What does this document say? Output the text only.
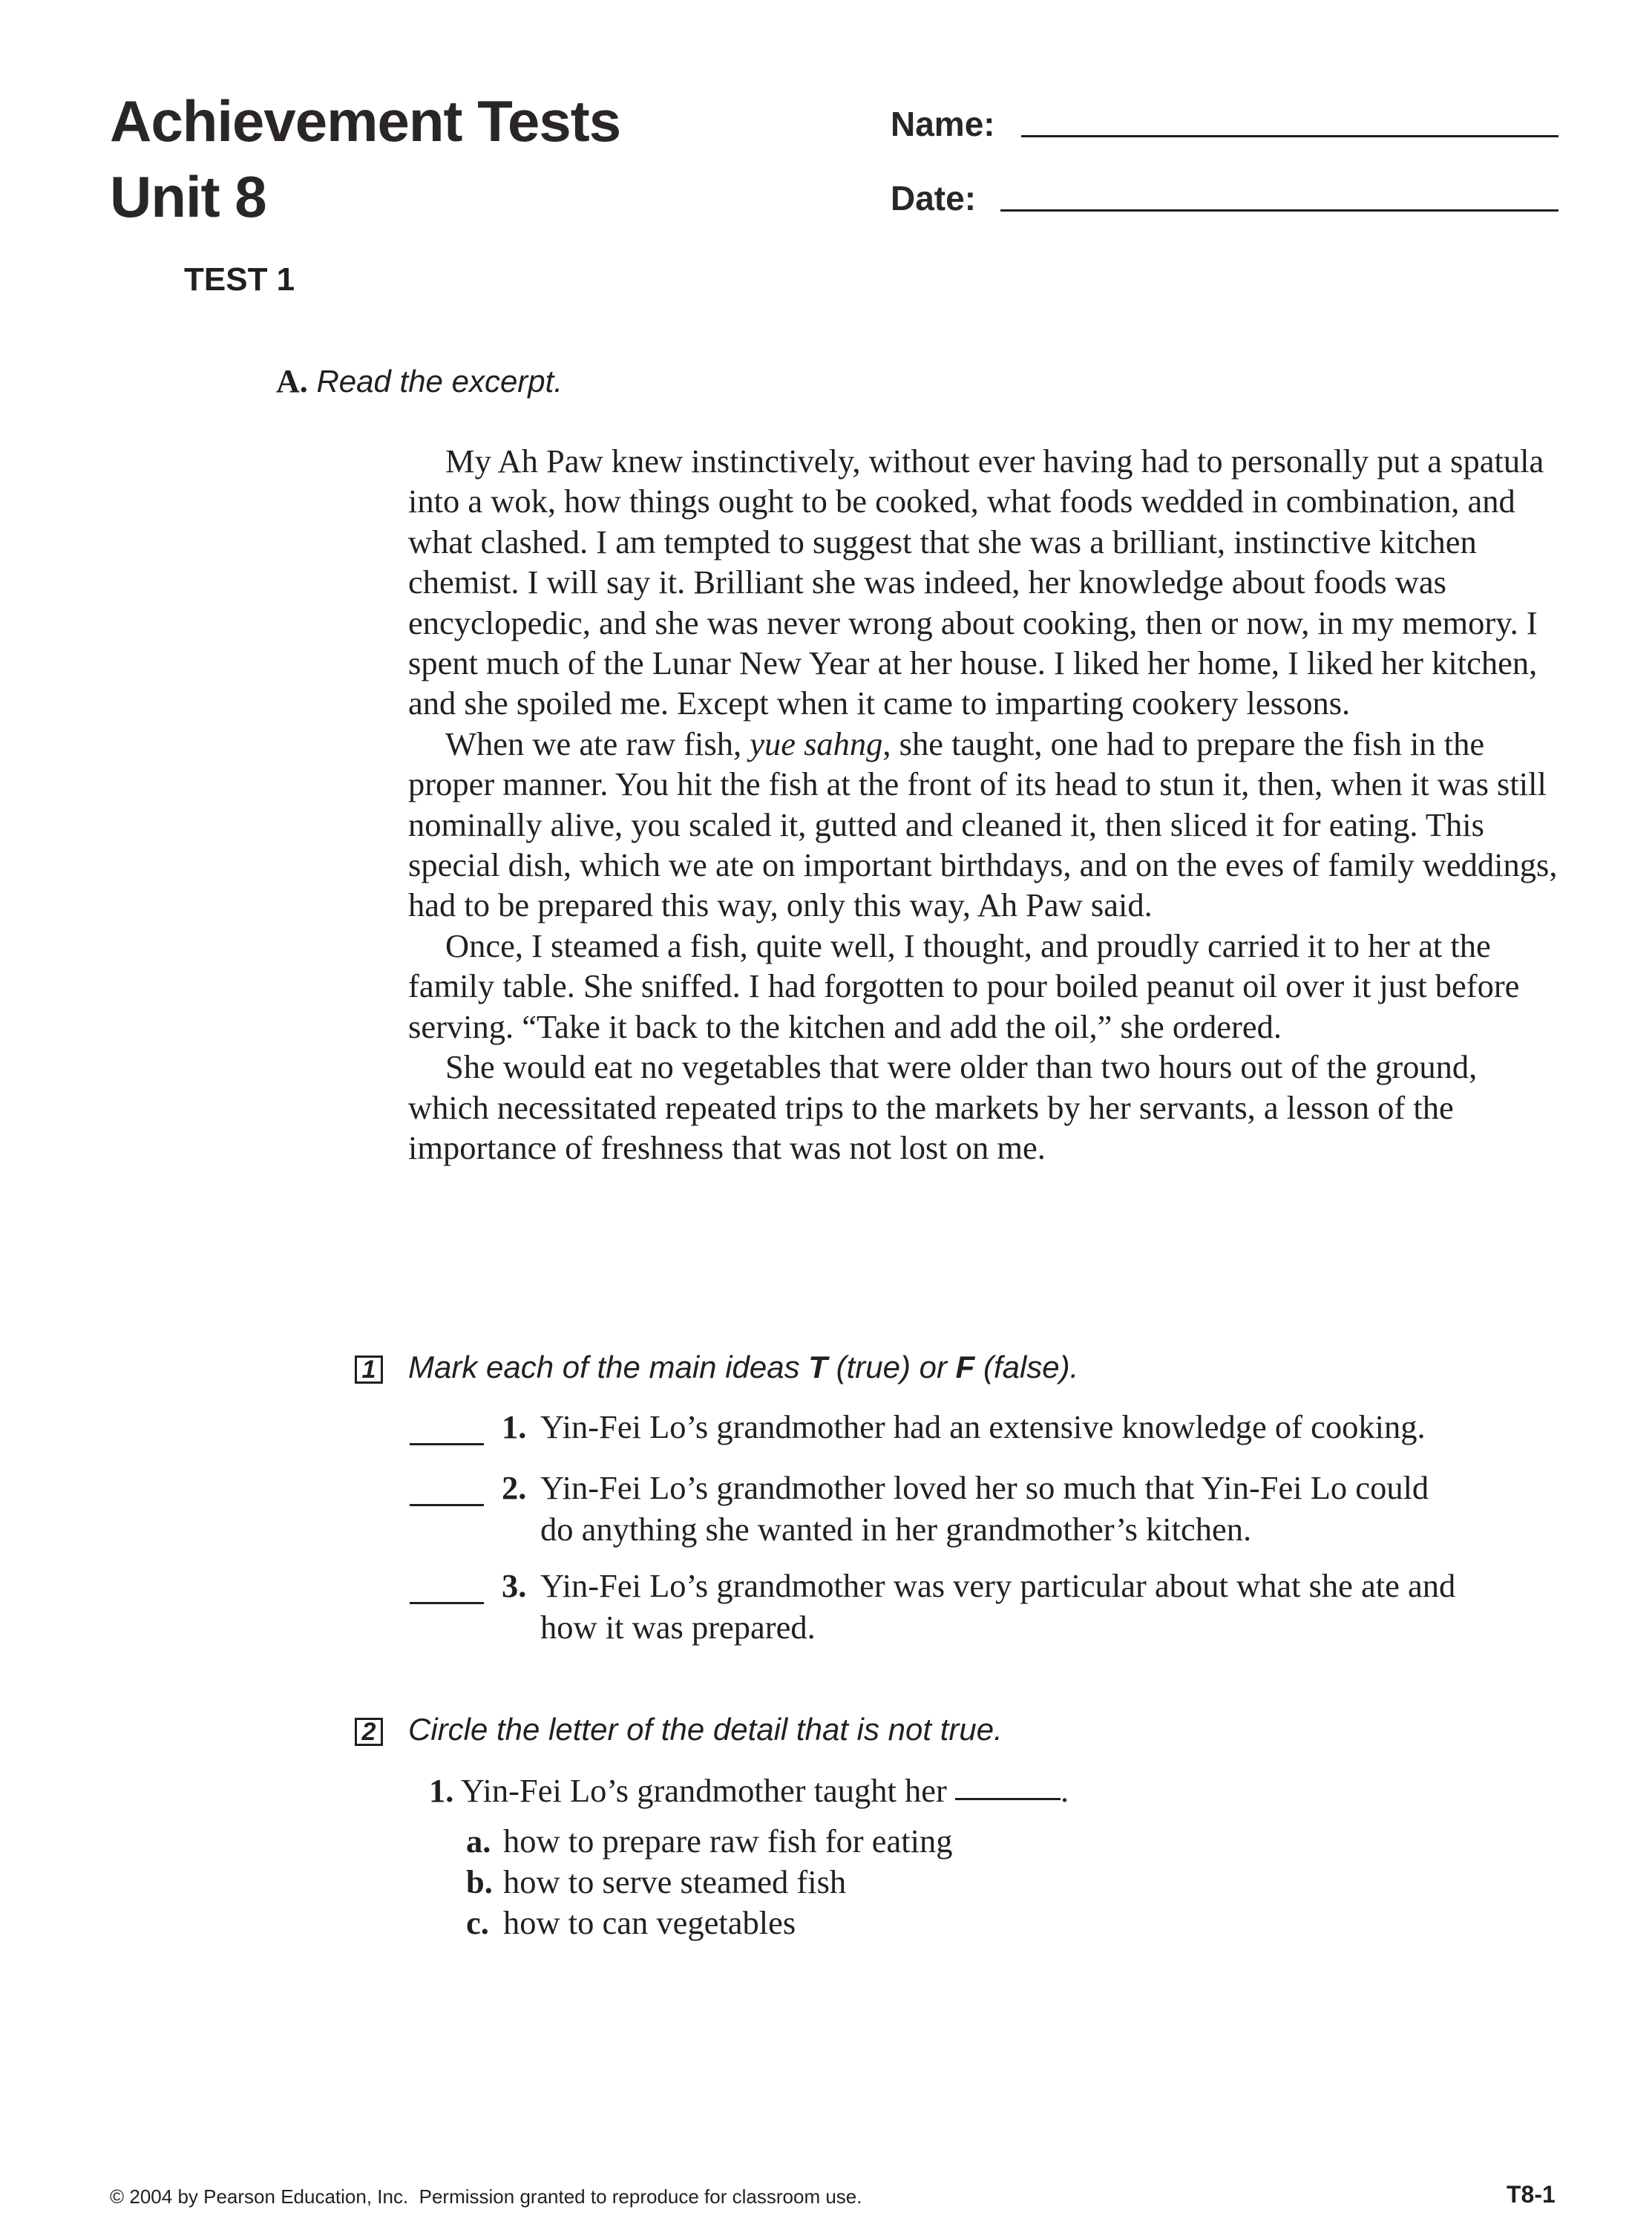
Achievement Tests
Unit 8
TEST 1
Name:
Date:
A. Read the excerpt.

My Ah Paw knew instinctively, without ever having had to personally put a spatula into a wok, how things ought to be cooked, what foods wedded in combination, and what clashed. I am tempted to suggest that she was a brilliant, instinctive kitchen chemist. I will say it. Brilliant she was indeed, her knowledge about foods was encyclopedic, and she was never wrong about cooking, then or now, in my memory. I spent much of the Lunar New Year at her house. I liked her home, I liked her kitchen, and she spoiled me. Except when it came to imparting cookery lessons.

When we ate raw fish, yue sahng, she taught, one had to prepare the fish in the proper manner. You hit the fish at the front of its head to stun it, then, when it was still nominally alive, you scaled it, gutted and cleaned it, then sliced it for eating. This special dish, which we ate on important birthdays, and on the eves of family weddings, had to be prepared this way, only this way, Ah Paw said.

Once, I steamed a fish, quite well, I thought, and proudly carried it to her at the family table. She sniffed. I had forgotten to pour boiled peanut oil over it just before serving. “Take it back to the kitchen and add the oil,” she ordered.

She would eat no vegetables that were older than two hours out of the ground, which necessitated repeated trips to the markets by her servants, a lesson of the importance of freshness that was not lost on me.

1 Mark each of the main ideas T (true) or F (false).
1. Yin-Fei Lo’s grandmother had an extensive knowledge of cooking.
2. Yin-Fei Lo’s grandmother loved her so much that Yin-Fei Lo could
do anything she wanted in her grandmother’s kitchen.
3. Yin-Fei Lo’s grandmother was very particular about what she ate and
how it was prepared.
2 Circle the letter of the detail that is not true.
1. Yin-Fei Lo’s grandmother taught her	.
a. how to prepare raw fish for eating
b. how to serve steamed fish
c. how to can vegetables
© 2004 by Pearson Education, Inc.  Permission granted to reproduce for classroom use.	T8-1
